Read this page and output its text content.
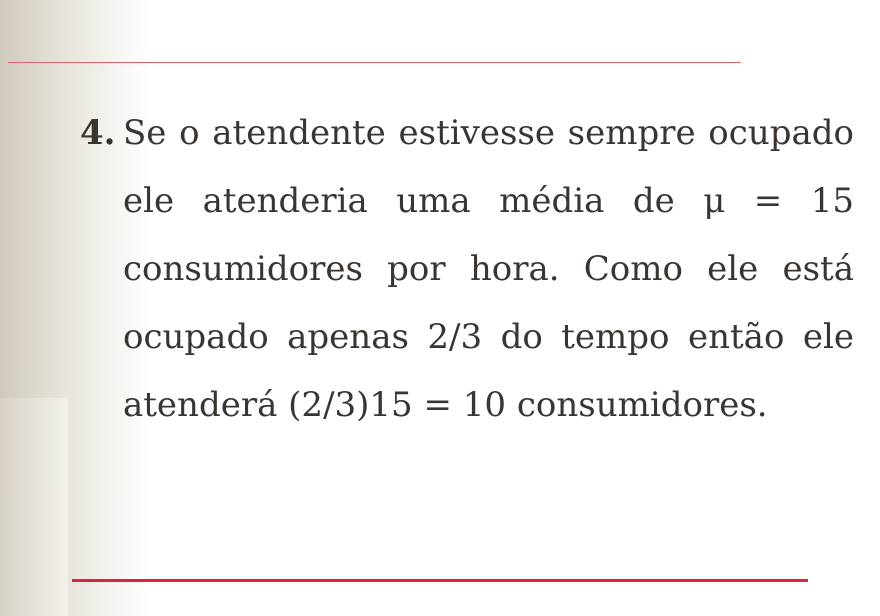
4. Se o atendente estivesse sempre ocupado ele atenderia uma média de μ = 15 consumidores por hora. Como ele está ocupado apenas 2/3 do tempo então ele atenderá (2/3)15 = 10 consumidores.
